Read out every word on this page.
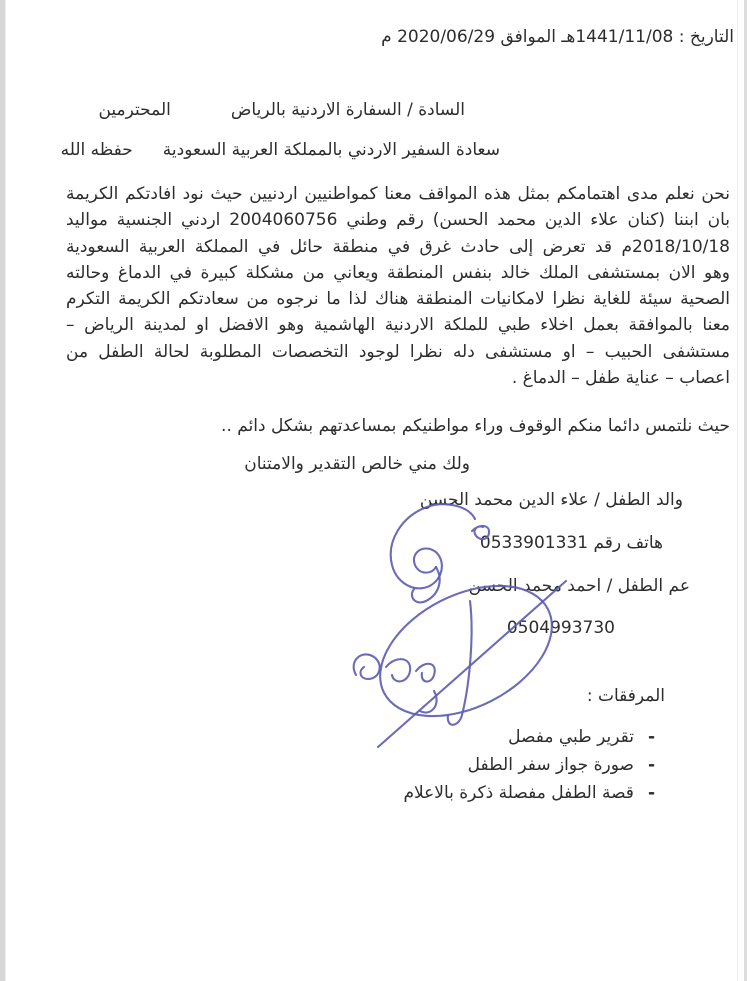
التاريخ : 1441/11/08هـ الموافق 2020/06/29 م
السادة / السفارة الاردنية بالرياض
المحترمين
سعادة السفير الاردني بالمملكة العربية السعودية
حفظه الله
نحن نعلم مدى اهتمامكم بمثل هذه المواقف معنا كمواطنيين اردنيين حيث نود افادتكم الكريمة
بان ابننا (كنان علاء الدين محمد الحسن) رقم وطني 2004060756 اردني الجنسية مواليد
2018/10/18م قد تعرض إلى حادث غرق في منطقة حائل في المملكة العربية السعودية
وهو الان بمستشفى الملك خالد بنفس المنطقة ويعاني من مشكلة كبيرة في الدماغ وحالته
الصحية سيئة للغاية نظرا لامكانيات المنطقة هناك لذا ما نرجوه من سعادتكم الكريمة التكرم
معنا بالموافقة بعمل اخلاء طبي للملكة الاردنية الهاشمية وهو الافضل او لمدينة الرياض –
مستشفى الحبيب – او مستشفى دله نظرا لوجود التخصصات المطلوبة لحالة الطفل من
اعصاب – عناية طفل – الدماغ .
حيث نلتمس دائما منكم الوقوف وراء مواطنيكم بمساعدتهم بشكل دائم ..
ولك مني خالص التقدير والامتنان
والد الطفل / علاء الدين محمد الحسن
هاتف رقم 0533901331
عم الطفل / احمد محمد الحسن
0504993730
المرفقات :
-
تقرير طبي مفصل
-
صورة جواز سفر الطفل
-
قصة الطفل مفصلة ذكرة بالاعلام
